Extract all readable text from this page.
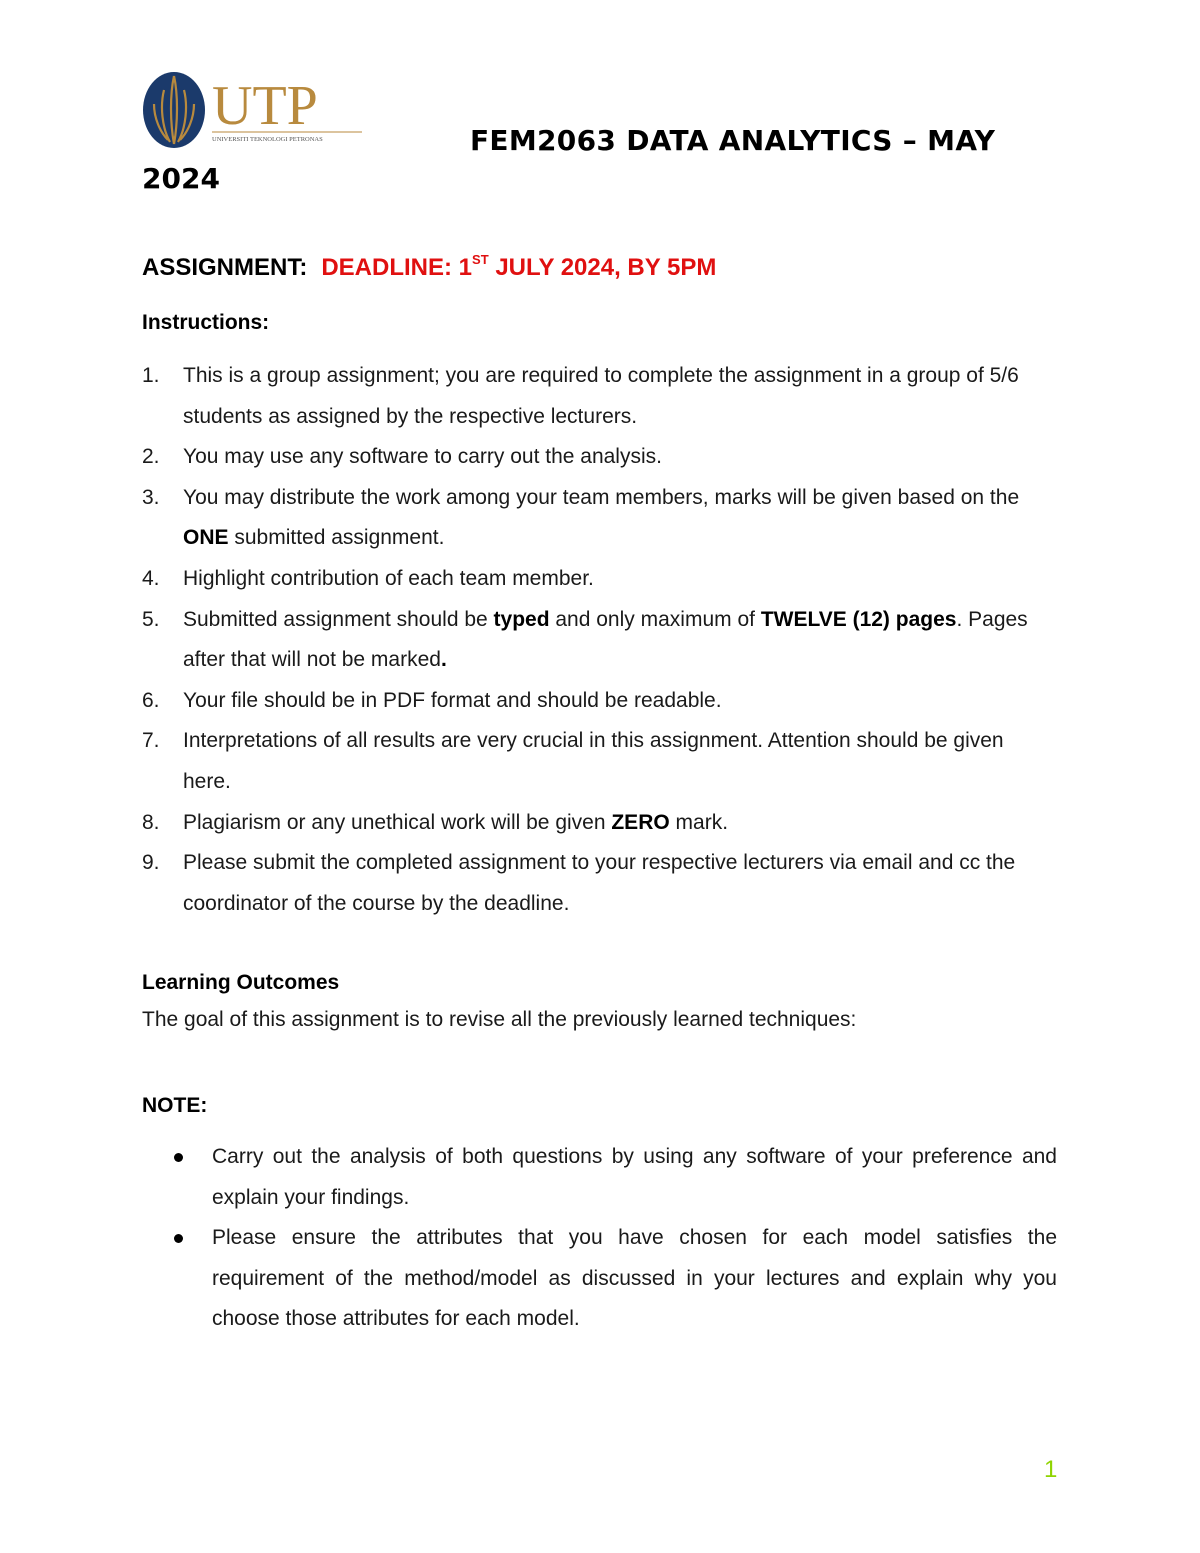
UTP
UNIVERSITI TEKNOLOGI PETRONAS	FEM2063 DATA ANALYTICS – MAY
2024
ASSIGNMENT: DEADLINE: 1ST JULY 2024, BY 5PM
Instructions:
1. This is a group assignment; you are required to complete the assignment in a group of 5/6 students as assigned by the respective lecturers.
2. You may use any software to carry out the analysis.
3. You may distribute the work among your team members, marks will be given based on the ONE submitted assignment.
4. Highlight contribution of each team member.
5. Submitted assignment should be typed and only maximum of TWELVE (12) pages. Pages after that will not be marked.
6. Your file should be in PDF format and should be readable.
7. Interpretations of all results are very crucial in this assignment. Attention should be given here.
8. Plagiarism or any unethical work will be given ZERO mark.
9. Please submit the completed assignment to your respective lecturers via email and cc the coordinator of the course by the deadline.
Learning Outcomes
The goal of this assignment is to revise all the previously learned techniques:
NOTE:
Carry out the analysis of both questions by using any software of your preference and explain your findings.
Please ensure the attributes that you have chosen for each model satisfies the requirement of the method/model as discussed in your lectures and explain why you choose those attributes for each model.
1
